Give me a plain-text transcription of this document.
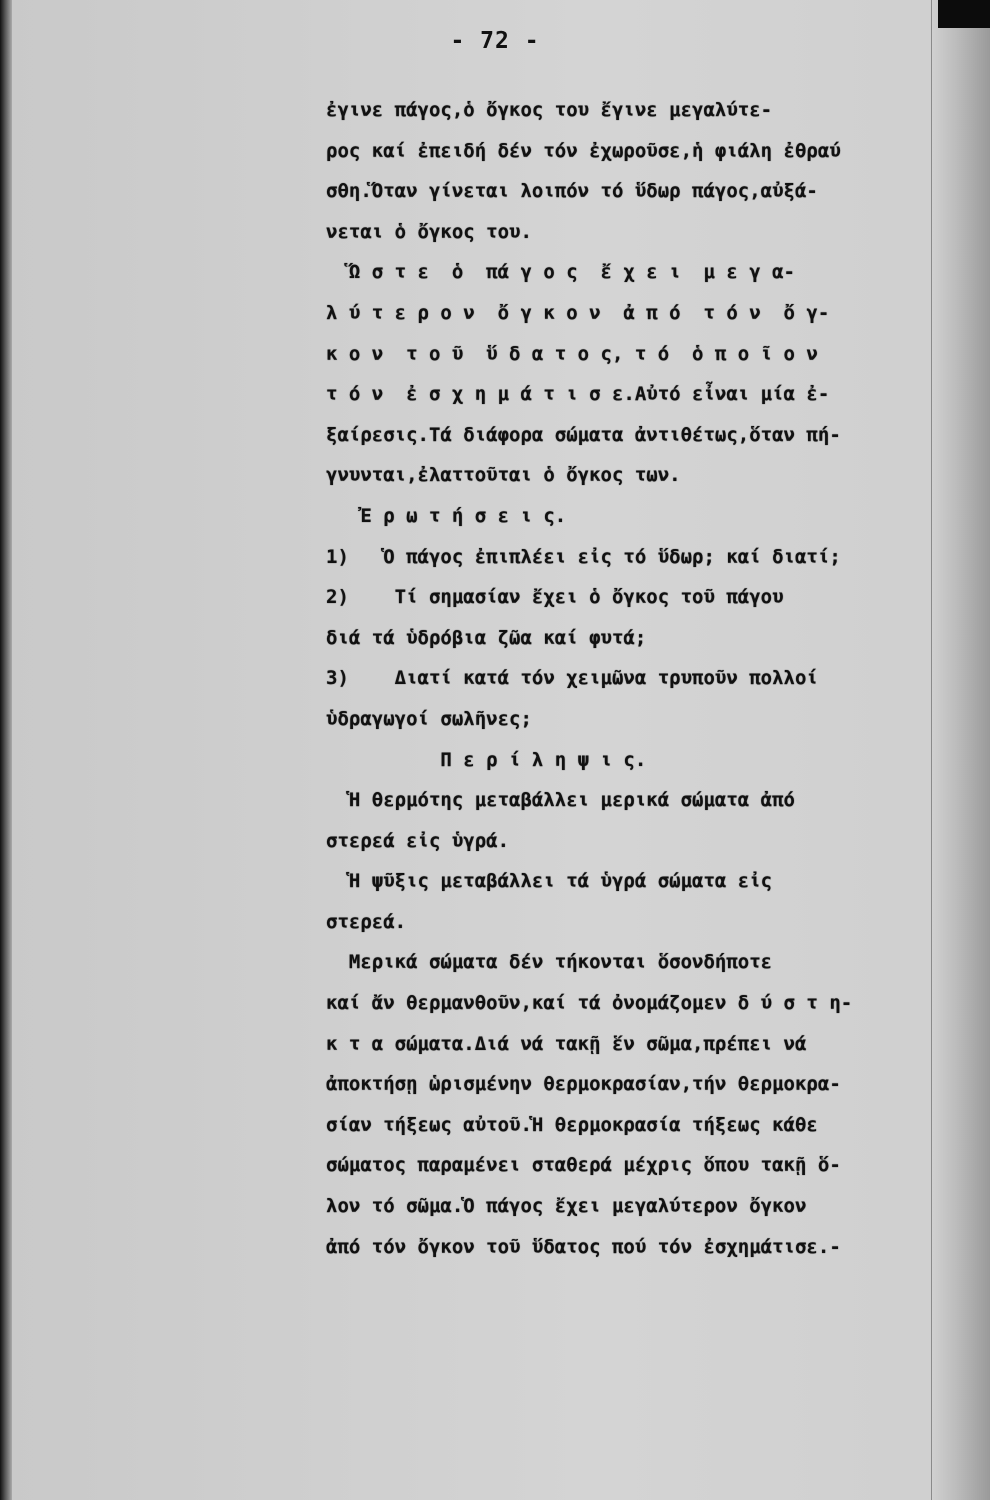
- 72 -
ἐγινε πάγος,ὁ ὄγκος του ἔγινε μεγαλύτε-
ρος καί ἐπειδή δέν τόν ἐχωροῦσε,ἡ φιάλη ἐθραύ
σθη.Ὅταν γίνεται λοιπόν τό ὕδωρ πάγος,αὐξά-
νεται ὁ ὄγκος του.
Ὥ σ τ ε  ὁ  πά γ ο ς  ἔ χ ε ι  μ ε γ α-
λ ύ τ ε ρ ο ν  ὄ γ κ ο ν  ἀ π ό  τ ό ν  ὄ γ-
κ ο ν  τ ο ῦ  ὕ δ α τ ο ς, τ ό  ὁ π ο ῖ ο ν
τ ό ν  ἐ σ χ η μ ά τ ι σ ε.Αὐτό εἶναι μία ἐ-
ξαίρεσις.Τά διάφορα σώματα ἀντιθέτως,ὅταν πή-
γνυνται,ἐλαττοῦται ὁ ὄγκος των.
Ἐ ρ ω τ ή σ ε ι ς.
1)   Ὁ πάγος ἐπιπλέει εἰς τό ὕδωρ; καί διατί;
2)    Τί σημασίαν ἔχει ὁ ὄγκος τοῦ πάγου
διά τά ὑδρόβια ζῶα καί φυτά;
3)    Διατί κατά τόν χειμῶνα τρυποῦν πολλοί
ὑδραγωγοί σωλῆνες;
Π ε ρ ί λ η ψ ι ς.
Ἡ θερμότης μεταβάλλει μερικά σώματα ἀπό
στερεά εἰς ὑγρά.
Ἡ ψῦξις μεταβάλλει τά ὑγρά σώματα εἰς
στερεά.
Μερικά σώματα δέν τήκονται ὅσονδήποτε
καί ἄν θερμανθοῦν,καί τά ὀνομάζομεν δ ύ σ τ η-
κ τ α σώματα.Διά νά τακῇ ἕν σῶμα,πρέπει νά
ἀποκτήσῃ ὡρισμένην θερμοκρασίαν,τήν θερμοκρα-
σίαν τήξεως αὐτοῦ.Ἡ θερμοκρασία τήξεως κάθε
σώματος παραμένει σταθερά μέχρις ὅπου τακῇ ὅ-
λον τό σῶμα.Ὁ πάγος ἔχει μεγαλύτερον ὄγκον
ἀπό τόν ὄγκον τοῦ ὕδατος πού τόν ἐσχημάτισε.-
